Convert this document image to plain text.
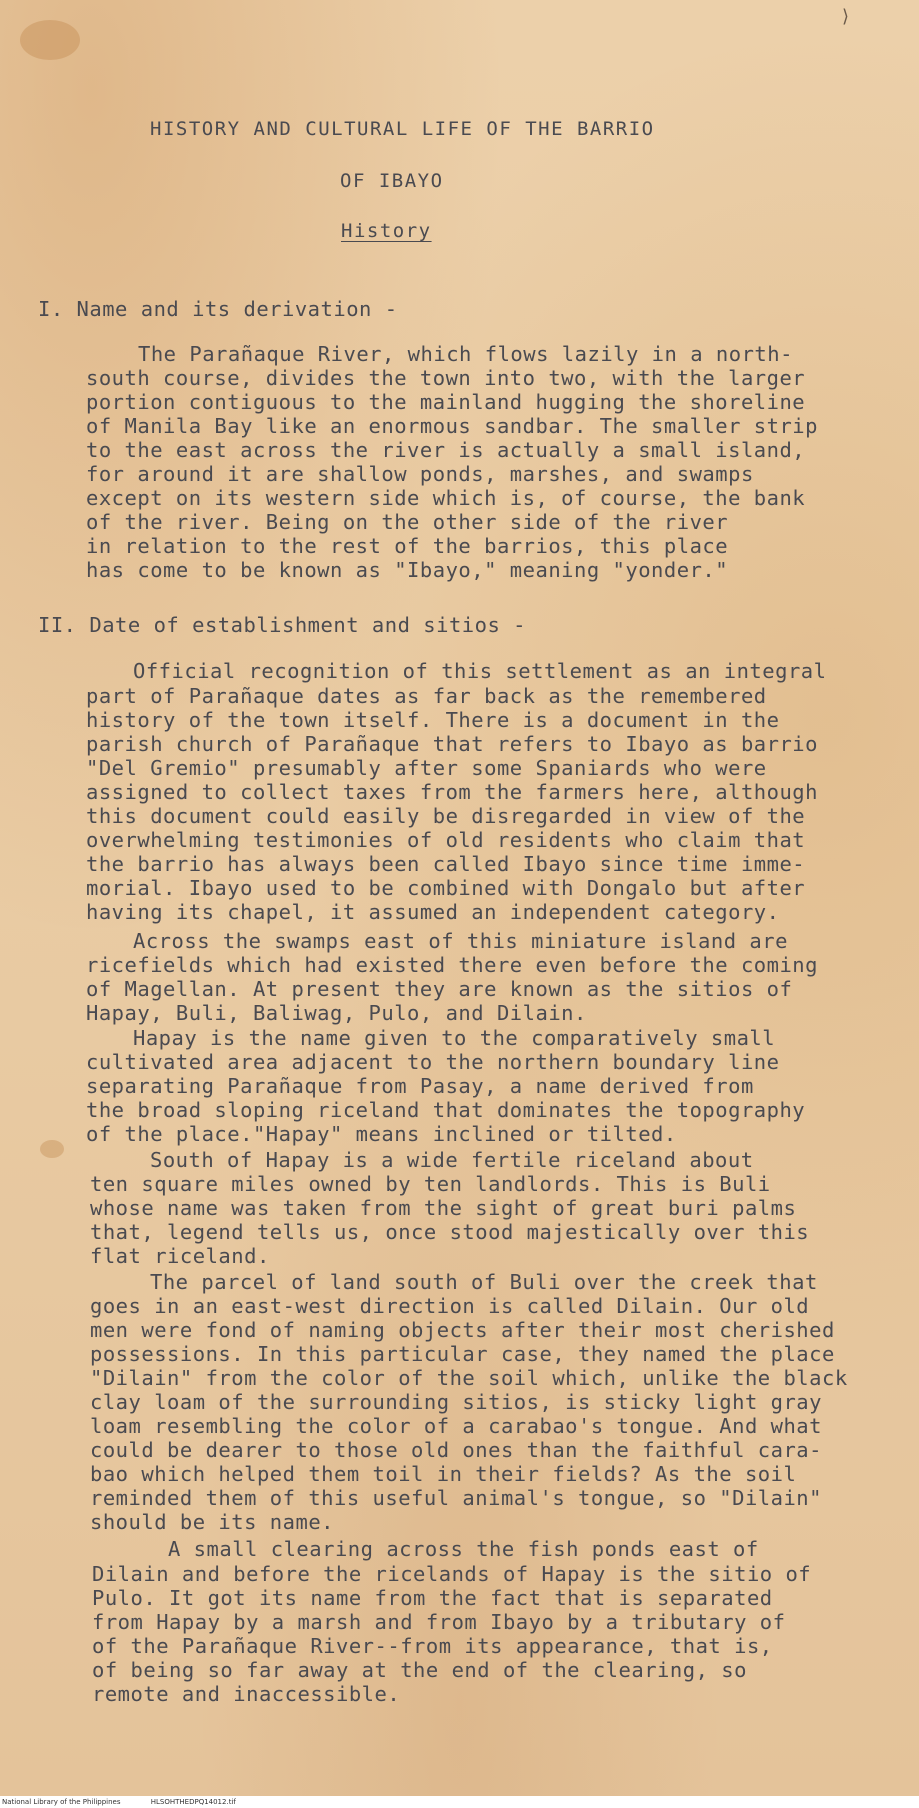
⟩

HISTORY AND CULTURAL LIFE OF THE BARRIO

OF IBAYO

History

I. Name and its derivation -

The Parañaque River, which flows lazily in a north-

south course, divides the town into two, with the larger

portion contiguous to the mainland hugging the shoreline

of Manila Bay like an enormous sandbar. The smaller strip

to the east across the river is actually a small island,

for around it are shallow ponds, marshes, and swamps

except on its western side which is, of course, the bank

of the river. Being on the other side of the river

in relation to the rest of the barrios, this place

has come to be known as "Ibayo," meaning "yonder."

II. Date of establishment and sitios -

Official recognition of this settlement as an integral

part of Parañaque dates as far back as the remembered

history of the town itself. There is a document in the

parish church of Parañaque that refers to Ibayo as barrio

"Del Gremio" presumably after some Spaniards who were

assigned to collect taxes from the farmers here, although

this document could easily be disregarded in view of the

overwhelming testimonies of old residents who claim that

the barrio has always been called Ibayo since time imme-

morial. Ibayo used to be combined with Dongalo but after

having its chapel, it assumed an independent category.

Across the swamps east of this miniature island are

ricefields which had existed there even before the coming

of Magellan. At present they are known as the sitios of

Hapay, Buli, Baliwag, Pulo, and Dilain.

Hapay is the name given to the comparatively small

cultivated area adjacent to the northern boundary line

separating Parañaque from Pasay, a name derived from

the broad sloping riceland that dominates the topography

of the place."Hapay" means inclined or tilted.

South of Hapay is a wide fertile riceland about

ten square miles owned by ten landlords. This is Buli

whose name was taken from the sight of great buri palms

that, legend tells us, once stood majestically over this

flat riceland.

The parcel of land south of Buli over the creek that

goes in an east-west direction is called Dilain. Our old

men were fond of naming objects after their most cherished

possessions. In this particular case, they named the place

"Dilain" from the color of the soil which, unlike the black

clay loam of the surrounding sitios, is sticky light gray

loam resembling the color of a carabao's tongue. And what

could be dearer to those old ones than the faithful cara-

bao which helped them toil in their fields? As the soil

reminded them of this useful animal's tongue, so "Dilain"

should be its name.

A small clearing across the fish ponds east of

Dilain and before the ricelands of Hapay is the sitio of

Pulo. It got its name from the fact that is separated

from Hapay by a marsh and from Ibayo by a tributary of

of the Parañaque River--from its appearance, that is,

of being so far away at the end of the clearing, so

remote and inaccessible.

National Library of the Philippines	HLSOHTHEDPQ14012.tif
